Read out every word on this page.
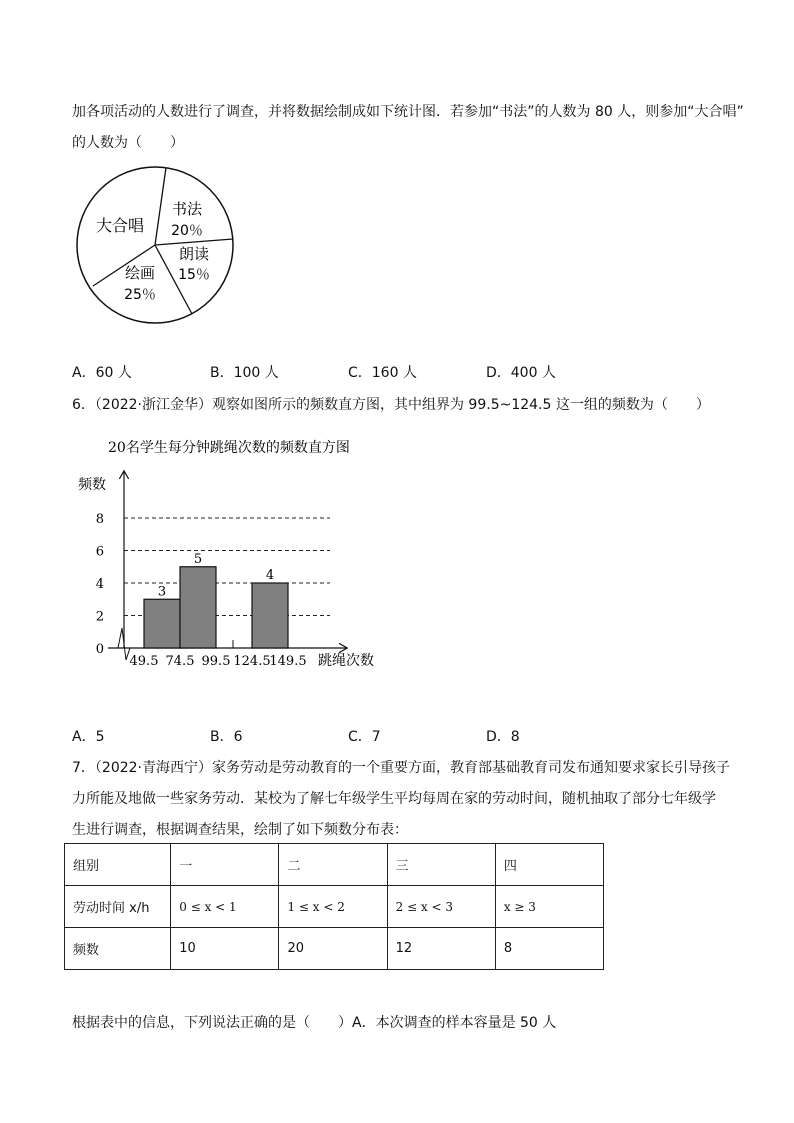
加各项活动的人数进行了调查，并将数据绘制成如下统计图．若参加“书法”的人数为 80 人，则参加“大合唱”
的人数为（　　）
书法
20％
朗读
15％
绘画
25％
大合唱
A．60 人	B．100 人	C．160 人	D．400 人
6．（2022·浙江金华）观察如图所示的频数直方图，其中组界为 99.5~124.5 这一组的频数为（　　）
20名学生每分钟跳绳次数的频数直方图
频数
3
5
4
0
2
4
6
8
49.5 74.5 99.5 124.5
149.5 跳绳次数
A．5	B．6	C．7	D．8
7．（2022·青海西宁）家务劳动是劳动教育的一个重要方面，教育部基础教育司发布通知要求家长引导孩子
力所能及地做一些家务劳动．某校为了解七年级学生平均每周在家的劳动时间，随机抽取了部分七年级学
生进行调查，根据调查结果，绘制了如下频数分布表：
组别	一	二	三	四
劳动时间 x/h	0 ≤ x < 1	1 ≤ x < 2	2 ≤ x < 3	x ≥ 3
频数	10	20	12	8
根据表中的信息，下列说法正确的是（　　）A．本次调查的样本容量是 50 人
